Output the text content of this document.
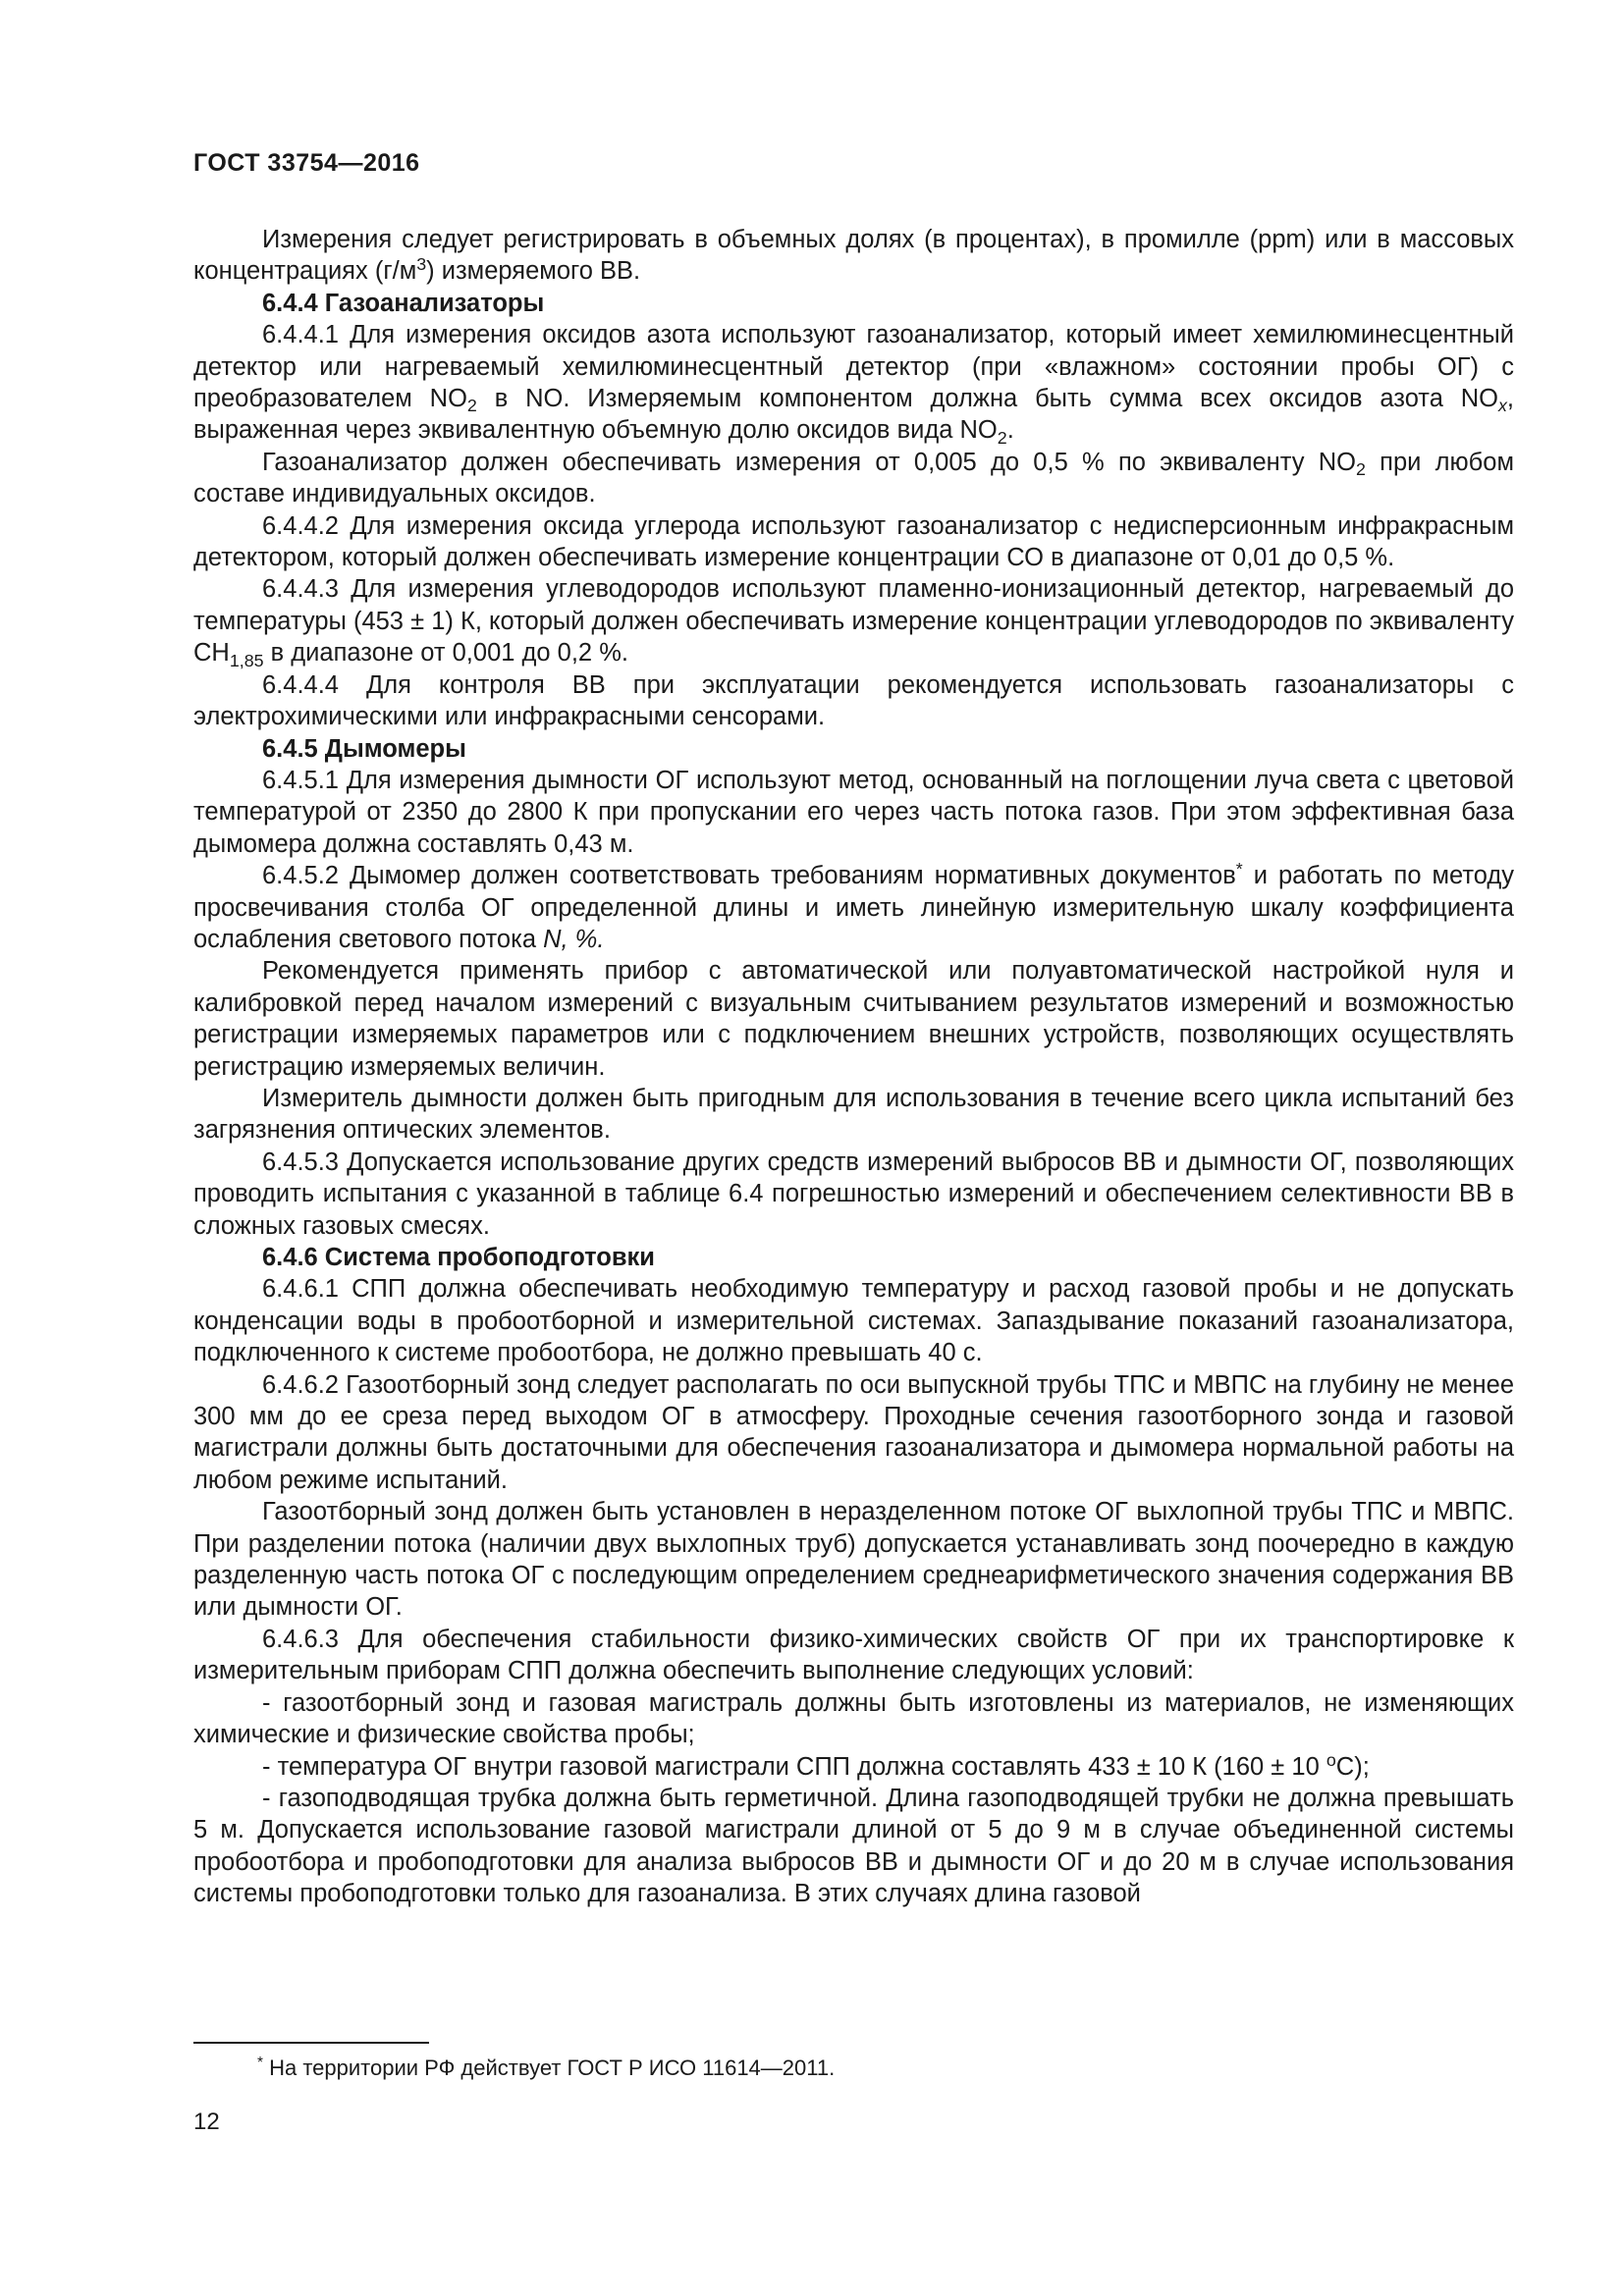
ГОСТ 33754—2016

Измерения следует регистрировать в объемных долях (в процентах), в промилле (ppm) или в массовых концентрациях $(г/м^3)$ измеряемого ВВ.

6.4.4 Газоанализаторы

6.4.4.1 Для измерения оксидов азота используют газоанализатор, который имеет хемилюминесцентный детектор или нагреваемый хемилюминесцентный детектор (при «влажном» состоянии пробы ОГ) с преобразователем $NO_2$ в NO. Измеряемым компонентом должна быть сумма всех оксидов азота $NO_x$, выраженная через эквивалентную объемную долю оксидов вида $NO_2$.

Газоанализатор должен обеспечивать измерения от 0,005 до 0,5 % по эквиваленту $NO_2$ при любом составе индивидуальных оксидов.

6.4.4.2 Для измерения оксида углерода используют газоанализатор с недисперсионным инфракрасным детектором, который должен обеспечивать измерение концентрации СО в диапазоне от 0,01 до 0,5 %.

6.4.4.3 Для измерения углеводородов используют пламенно-ионизационный детектор, нагреваемый до температуры (453 ± 1) К, который должен обеспечивать измерение концентрации углеводородов по эквиваленту $СН_{1,85}$ в диапазоне от 0,001 до 0,2 %.

6.4.4.4 Для контроля ВВ при эксплуатации рекомендуется использовать газоанализаторы с электрохимическими или инфракрасными сенсорами.

6.4.5 Дымомеры

6.4.5.1 Для измерения дымности ОГ используют метод, основанный на поглощении луча света с цветовой температурой от 2350 до 2800 К при пропускании его через часть потока газов. При этом эффективная база дымомера должна составлять 0,43 м.

6.4.5.2 Дымомер должен соответствовать требованиям нормативных документов* и работать по методу просвечивания столба ОГ определенной длины и иметь линейную измерительную шкалу коэффициента ослабления светового потока N, %.

Рекомендуется применять прибор с автоматической или полуавтоматической настройкой нуля и калибровкой перед началом измерений с визуальным считыванием результатов измерений и возможностью регистрации измеряемых параметров или с подключением внешних устройств, позволяющих осуществлять регистрацию измеряемых величин.

Измеритель дымности должен быть пригодным для использования в течение всего цикла испытаний без загрязнения оптических элементов.

6.4.5.3 Допускается использование других средств измерений выбросов ВВ и дымности ОГ, позволяющих проводить испытания с указанной в таблице 6.4 погрешностью измерений и обеспечением селективности ВВ в сложных газовых смесях.

6.4.6 Система пробоподготовки

6.4.6.1 СПП должна обеспечивать необходимую температуру и расход газовой пробы и не допускать конденсации воды в пробоотборной и измерительной системах. Запаздывание показаний газоанализатора, подключенного к системе пробоотбора, не должно превышать 40 с.

6.4.6.2 Газоотборный зонд следует располагать по оси выпускной трубы ТПС и МВПС на глубину не менее 300 мм до ее среза перед выходом ОГ в атмосферу. Проходные сечения газоотборного зонда и газовой магистрали должны быть достаточными для обеспечения газоанализатора и дымомера нормальной работы на любом режиме испытаний.

Газоотборный зонд должен быть установлен в неразделенном потоке ОГ выхлопной трубы ТПС и МВПС. При разделении потока (наличии двух выхлопных труб) допускается устанавливать зонд поочередно в каждую разделенную часть потока ОГ с последующим определением среднеарифметического значения содержания ВВ или дымности ОГ.

6.4.6.3 Для обеспечения стабильности физико-химических свойств ОГ при их транспортировке к измерительным приборам СПП должна обеспечить выполнение следующих условий:

- газоотборный зонд и газовая магистраль должны быть изготовлены из материалов, не изменяющих химические и физические свойства пробы;

- температура ОГ внутри газовой магистрали СПП должна составлять 433 ± 10 К (160 ± 10 $^о$С);

- газоподводящая трубка должна быть герметичной. Длина газоподводящей трубки не должна превышать 5 м. Допускается использование газовой магистрали длиной от 5 до 9 м в случае объединенной системы пробоотбора и пробоподготовки для анализа выбросов ВВ и дымности ОГ и до 20 м в случае использования системы пробоподготовки только для газоанализа. В этих случаях длина газовой

* На территории РФ действует ГОСТ Р ИСО 11614—2011.
12
